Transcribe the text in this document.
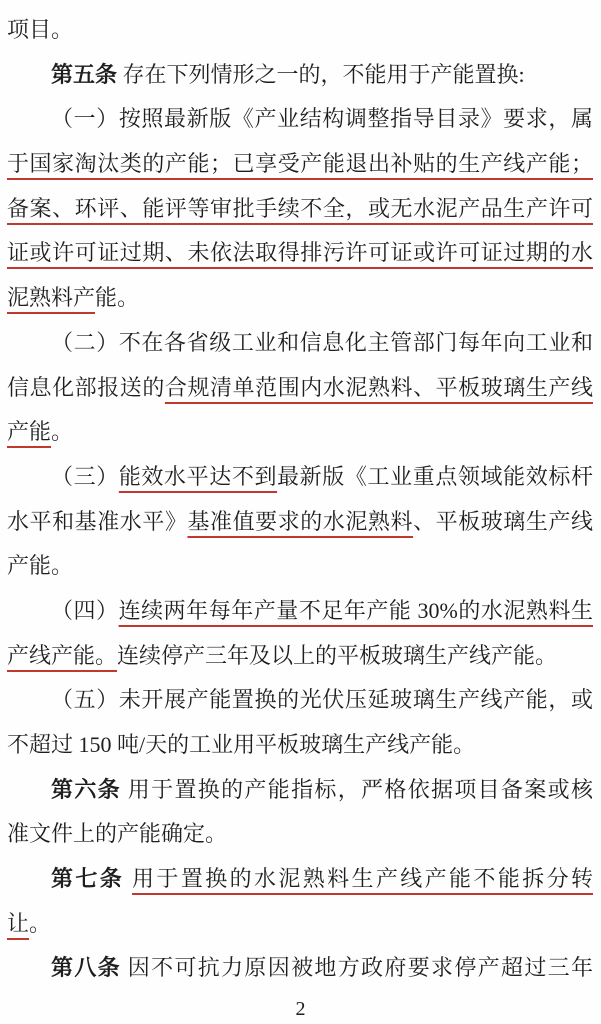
项目。
第五条 存在下列情形之一的，不能用于产能置换:
（一）按照最新版《产业结构调整指导目录》要求，属
于国家淘汰类的产能；已享受产能退出补贴的生产线产能；
备案、环评、能评等审批手续不全，或无水泥产品生产许可
证或许可证过期、未依法取得排污许可证或许可证过期的水
泥熟料产能。
（二）不在各省级工业和信息化主管部门每年向工业和
信息化部报送的合规清单范围内水泥熟料、平板玻璃生产线
产能。
（三）能效水平达不到最新版《工业重点领域能效标杆
水平和基准水平》基准值要求的水泥熟料、平板玻璃生产线
产能。
（四）连续两年每年产量不足年产能 30%的水泥熟料生
产线产能。连续停产三年及以上的平板玻璃生产线产能。
（五）未开展产能置换的光伏压延玻璃生产线产能，或
不超过 150 吨/天的工业用平板玻璃生产线产能。
第六条 用于置换的产能指标，严格依据项目备案或核
准文件上的产能确定。
第七条 用于置换的水泥熟料生产线产能不能拆分转
让。
第八条 因不可抗力原因被地方政府要求停产超过三年
2
